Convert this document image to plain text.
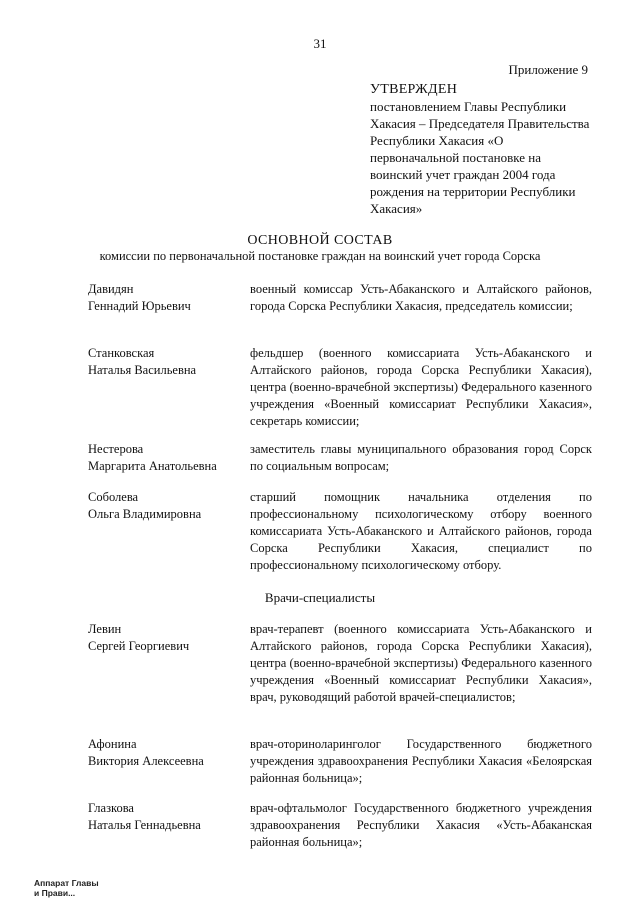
31
Приложение 9
УТВЕРЖДЕН
постановлением Главы Республики Хакасия – Председателя Правительства Республики Хакасия «О первоначальной постановке на воинский учет граждан 2004 года рождения на территории Республики Хакасия»
ОСНОВНОЙ СОСТАВ
комиссии по первоначальной постановке граждан на воинский учет города Сорска
Давидян
Геннадий Юрьевич
военный комиссар Усть-Абаканского и Алтайского районов, города Сорска Республики Хакасия, председатель комиссии;
Станковская
Наталья Васильевна
фельдшер (военного комиссариата Усть-Абаканского и Алтайского районов, города Сорска Республики Хакасия), центра (военно-врачебной экспертизы) Федерального казенного учреждения «Военный комиссариат Республики Хакасия», секретарь комиссии;
Нестерова
Маргарита Анатольевна
заместитель главы муниципального образования город Сорск по социальным вопросам;
Соболева
Ольга Владимировна
старший помощник начальника отделения по профессиональному психологическому отбору военного комиссариата Усть-Абаканского и Алтайского районов, города Сорска Республики Хакасия, специалист по профессиональному психологическому отбору.
Врачи-специалисты
Левин
Сергей Георгиевич
врач-терапевт (военного комиссариата Усть-Абаканского и Алтайского районов, города Сорска Республики Хакасия), центра (военно-врачебной экспертизы) Федерального казенного учреждения «Военный комиссариат Республики Хакасия», врач, руководящий работой врачей-специалистов;
Афонина
Виктория Алексеевна
врач-оториноларинголог Государственного бюджетного учреждения здравоохранения Республики Хакасия «Белоярская районная больница»;
Глазкова
Наталья Геннадьевна
врач-офтальмолог Государственного бюджетного учреждения здравоохранения Республики Хакасия «Усть-Абаканская районная больница»;
Аппарат Главы
и Прави...
